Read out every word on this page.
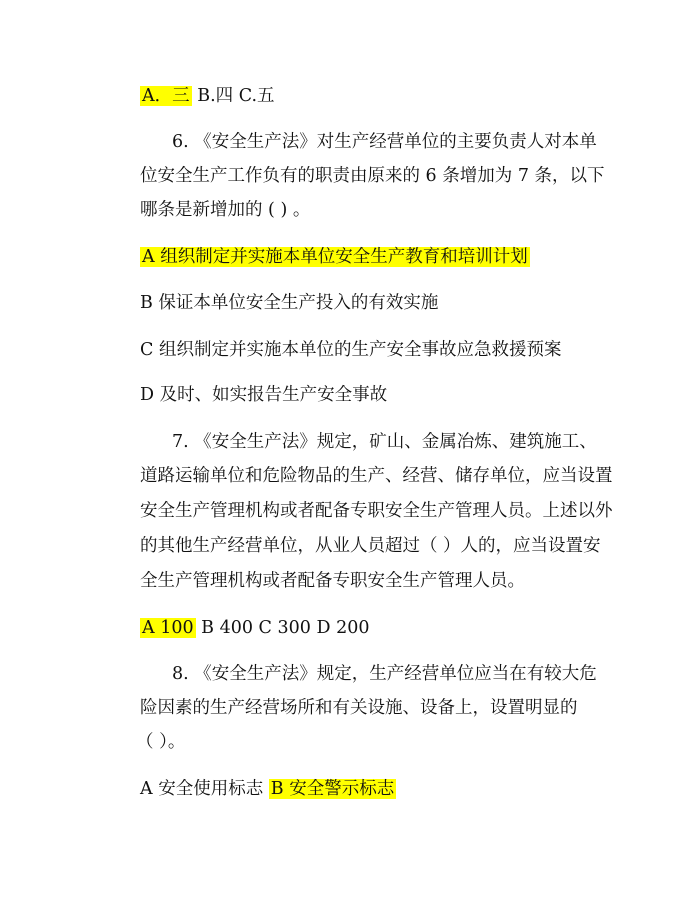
A．三 B.四 C.五
6. 《安全生产法》对生产经营单位的主要负责人对本单
位安全生产工作负有的职责由原来的 6 条增加为 7 条，以下
哪条是新增加的 ( ) 。
A 组织制定并实施本单位安全生产教育和培训计划
B 保证本单位安全生产投入的有效实施
C 组织制定并实施本单位的生产安全事故应急救援预案
D 及时、如实报告生产安全事故
7. 《安全生产法》规定，矿山、金属冶炼、建筑施工、
道路运输单位和危险物品的生产、经营、储存单位，应当设置
安全生产管理机构或者配备专职安全生产管理人员。上述以外
的其他生产经营单位，从业人员超过（ ）人的，应当设置安
全生产管理机构或者配备专职安全生产管理人员。
A 100 B 400 C 300 D 200
8. 《安全生产法》规定，生产经营单位应当在有较大危
险因素的生产经营场所和有关设施、设备上，设置明显的
（ ）。
A 安全使用标志 B 安全警示标志
